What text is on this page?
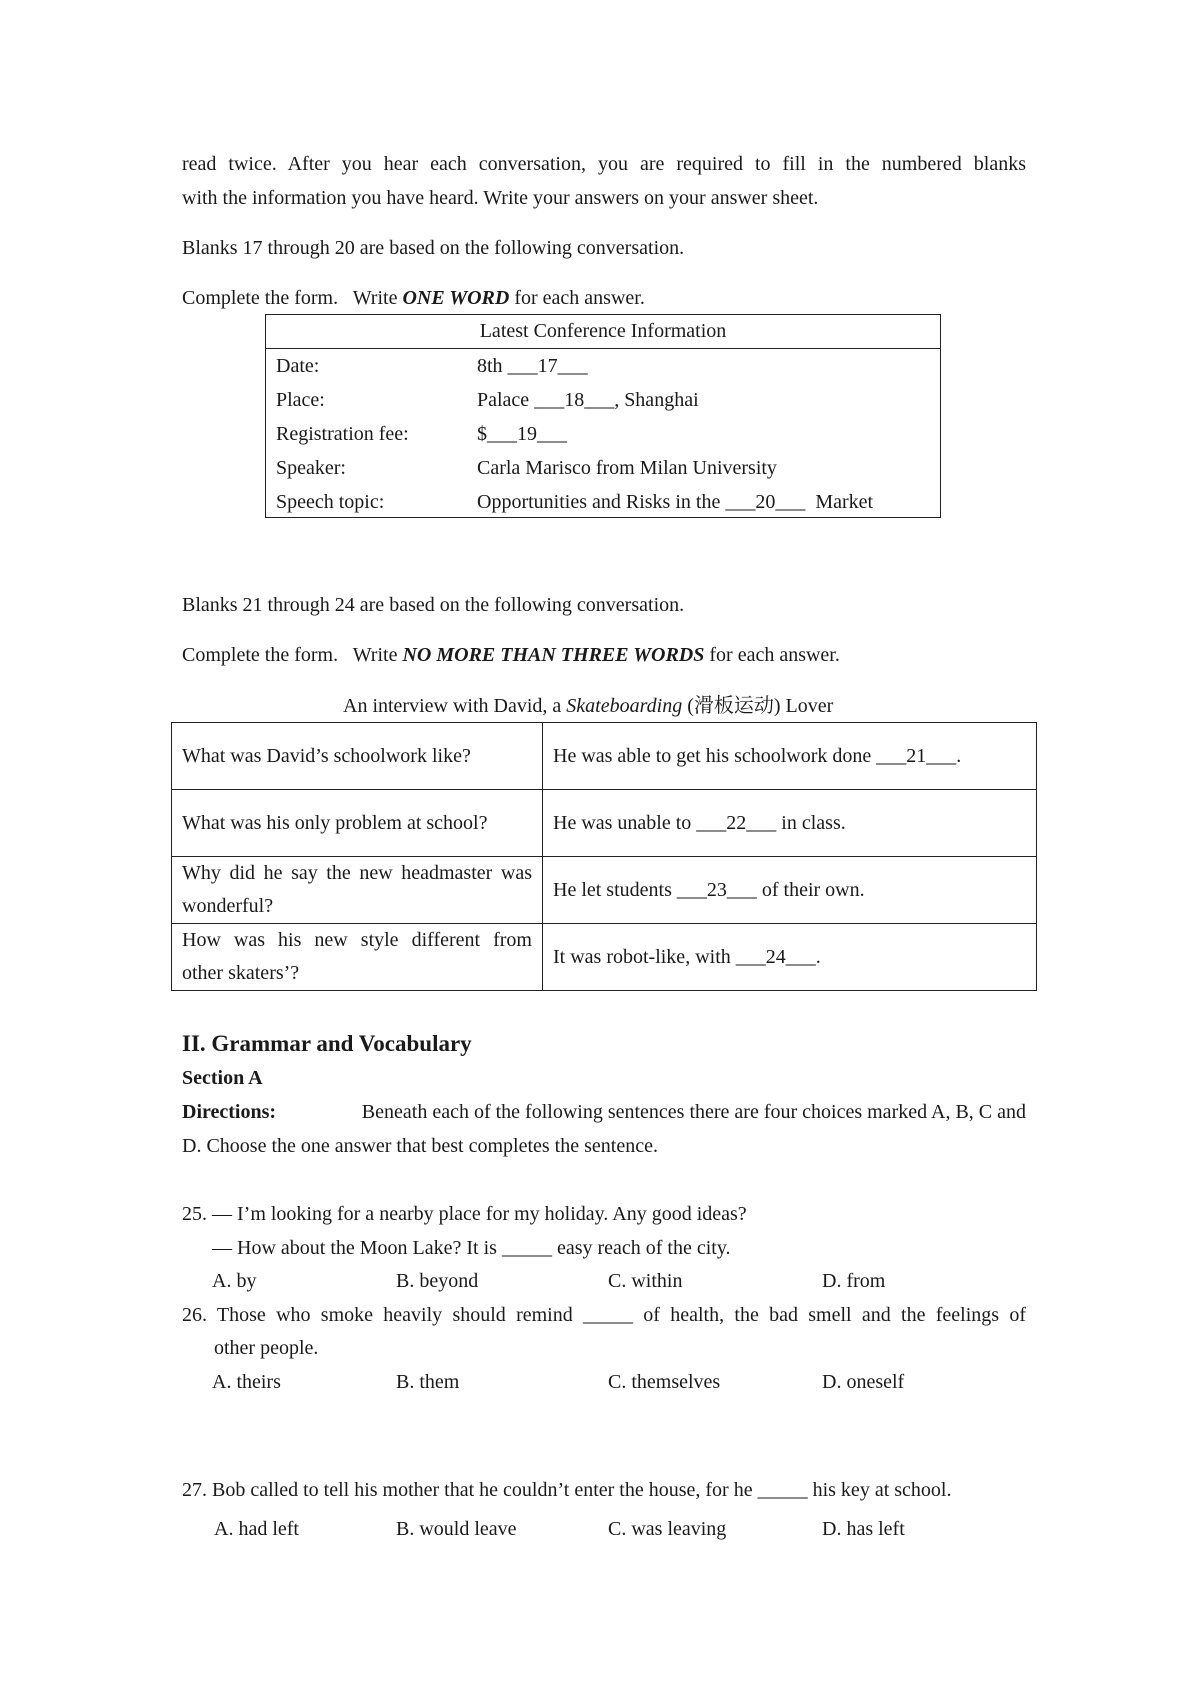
read twice. After you hear each conversation, you are required to fill in the numbered blanks
with the information you have heard. Write your answers on your answer sheet.
Blanks 17 through 20 are based on the following conversation.
Complete the form.   Write ONE WORD for each answer.
Latest Conference Information
Date:	8th ___17___
Place:	Palace ___18___, Shanghai
Registration fee:	$___19___
Speaker:	Carla Marisco from Milan University
Speech topic:	Opportunities and Risks in the ___20___  Market
Blanks 21 through 24 are based on the following conversation.
Complete the form.   Write NO MORE THAN THREE WORDS for each answer.
An interview with David, a Skateboarding (滑板运动) Lover
What was David’s schoolwork like?	He was able to get his schoolwork done ___21___.
What was his only problem at school?	He was unable to ___22___ in class.

Why did he say the new headmaster was
wonderful?	He let students ___23___ of their own.

How was his new style different from
other skaters’?	It was robot-like, with ___24___.
II. Grammar and Vocabulary
Section A
Directions:	Beneath each of the following sentences there are four choices marked A, B, C and
D. Choose the one answer that best completes the sentence.
25. — I’m looking for a nearby place for my holiday. Any good ideas?
— How about the Moon Lake? It is _____ easy reach of the city.
A. by	B. beyond	C. within	D. from
26. Those who smoke heavily should remind _____ of health, the bad smell and the feelings of
other people.
A. theirs	B. them	C. themselves	D. oneself
27. Bob called to tell his mother that he couldn’t enter the house, for he _____ his key at school.
A. had left	B. would leave	C. was leaving	D. has left
